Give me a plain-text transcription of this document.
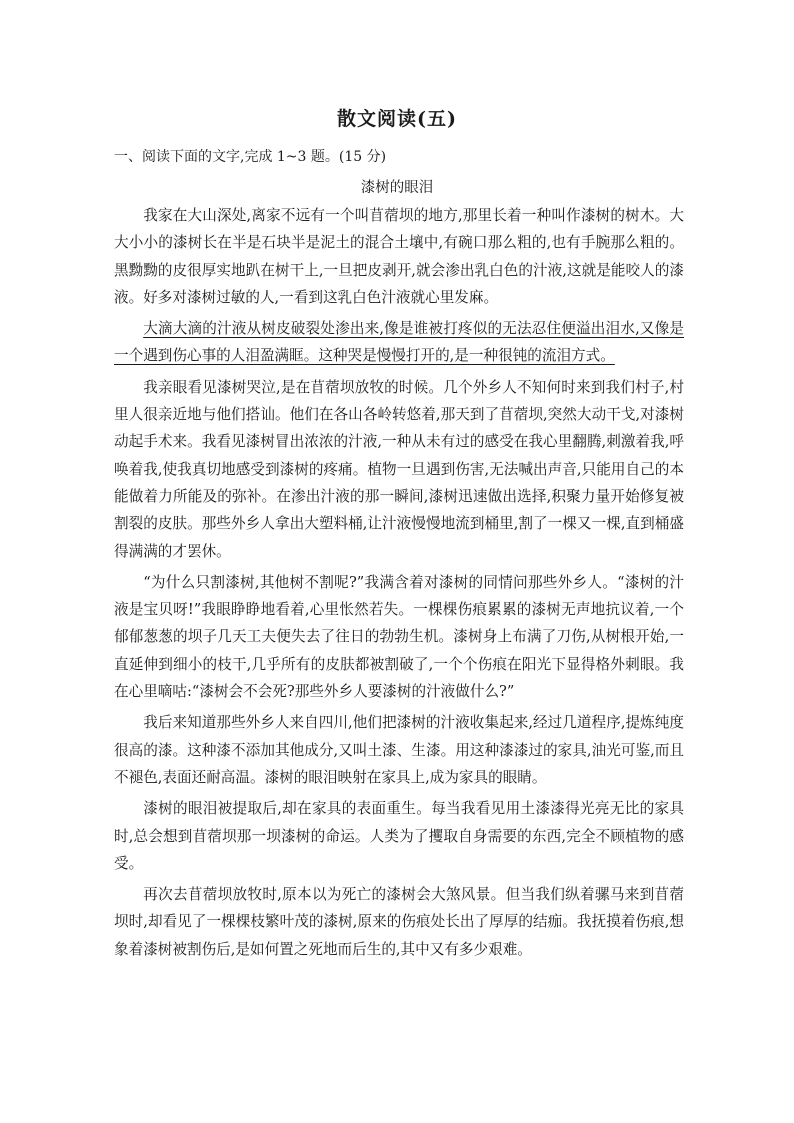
散文阅读(五)
一、阅读下面的文字,完成 1~3 题。(15 分)
漆树的眼泪

我家在大山深处,离家不远有一个叫苜蓿坝的地方,那里长着一种叫作漆树的树木。大大小小的漆树长在半是石块半是泥土的混合土壤中,有碗口那么粗的,也有手腕那么粗的。黑黝黝的皮很厚实地趴在树干上,一旦把皮剥开,就会渗出乳白色的汁液,这就是能咬人的漆液。好多对漆树过敏的人,一看到这乳白色汁液就心里发麻。

大滴大滴的汁液从树皮破裂处渗出来,像是谁被打疼似的无法忍住便溢出泪水,又像是一个遇到伤心事的人泪盈满眶。这种哭是慢慢打开的,是一种很钝的流泪方式。

我亲眼看见漆树哭泣,是在苜蓿坝放牧的时候。几个外乡人不知何时来到我们村子,村里人很亲近地与他们搭讪。他们在各山各岭转悠着,那天到了苜蓿坝,突然大动干戈,对漆树动起手术来。我看见漆树冒出浓浓的汁液,一种从未有过的感受在我心里翻腾,刺激着我,呼唤着我,使我真切地感受到漆树的疼痛。植物一旦遇到伤害,无法喊出声音,只能用自己的本能做着力所能及的弥补。在渗出汁液的那一瞬间,漆树迅速做出选择,积聚力量开始修复被割裂的皮肤。那些外乡人拿出大塑料桶,让汁液慢慢地流到桶里,割了一棵又一棵,直到桶盛得满满的才罢休。

“为什么只割漆树,其他树不割呢?”我满含着对漆树的同情问那些外乡人。“漆树的汁液是宝贝呀!”我眼睁睁地看着,心里怅然若失。一棵棵伤痕累累的漆树无声地抗议着,一个郁郁葱葱的坝子几天工夫便失去了往日的勃勃生机。漆树身上布满了刀伤,从树根开始,一直延伸到细小的枝干,几乎所有的皮肤都被割破了,一个个伤痕在阳光下显得格外刺眼。我在心里嘀咕:“漆树会不会死?那些外乡人要漆树的汁液做什么?”

我后来知道那些外乡人来自四川,他们把漆树的汁液收集起来,经过几道程序,提炼纯度很高的漆。这种漆不添加其他成分,又叫土漆、生漆。用这种漆漆过的家具,油光可鉴,而且不褪色,表面还耐高温。漆树的眼泪映射在家具上,成为家具的眼睛。

漆树的眼泪被提取后,却在家具的表面重生。每当我看见用土漆漆得光亮无比的家具时,总会想到苜蓿坝那一坝漆树的命运。人类为了攫取自身需要的东西,完全不顾植物的感受。

再次去苜蓿坝放牧时,原本以为死亡的漆树会大煞风景。但当我们纵着骡马来到苜蓿坝时,却看见了一棵棵枝繁叶茂的漆树,原来的伤痕处长出了厚厚的结痂。我抚摸着伤痕,想象着漆树被割伤后,是如何置之死地而后生的,其中又有多少艰难。
